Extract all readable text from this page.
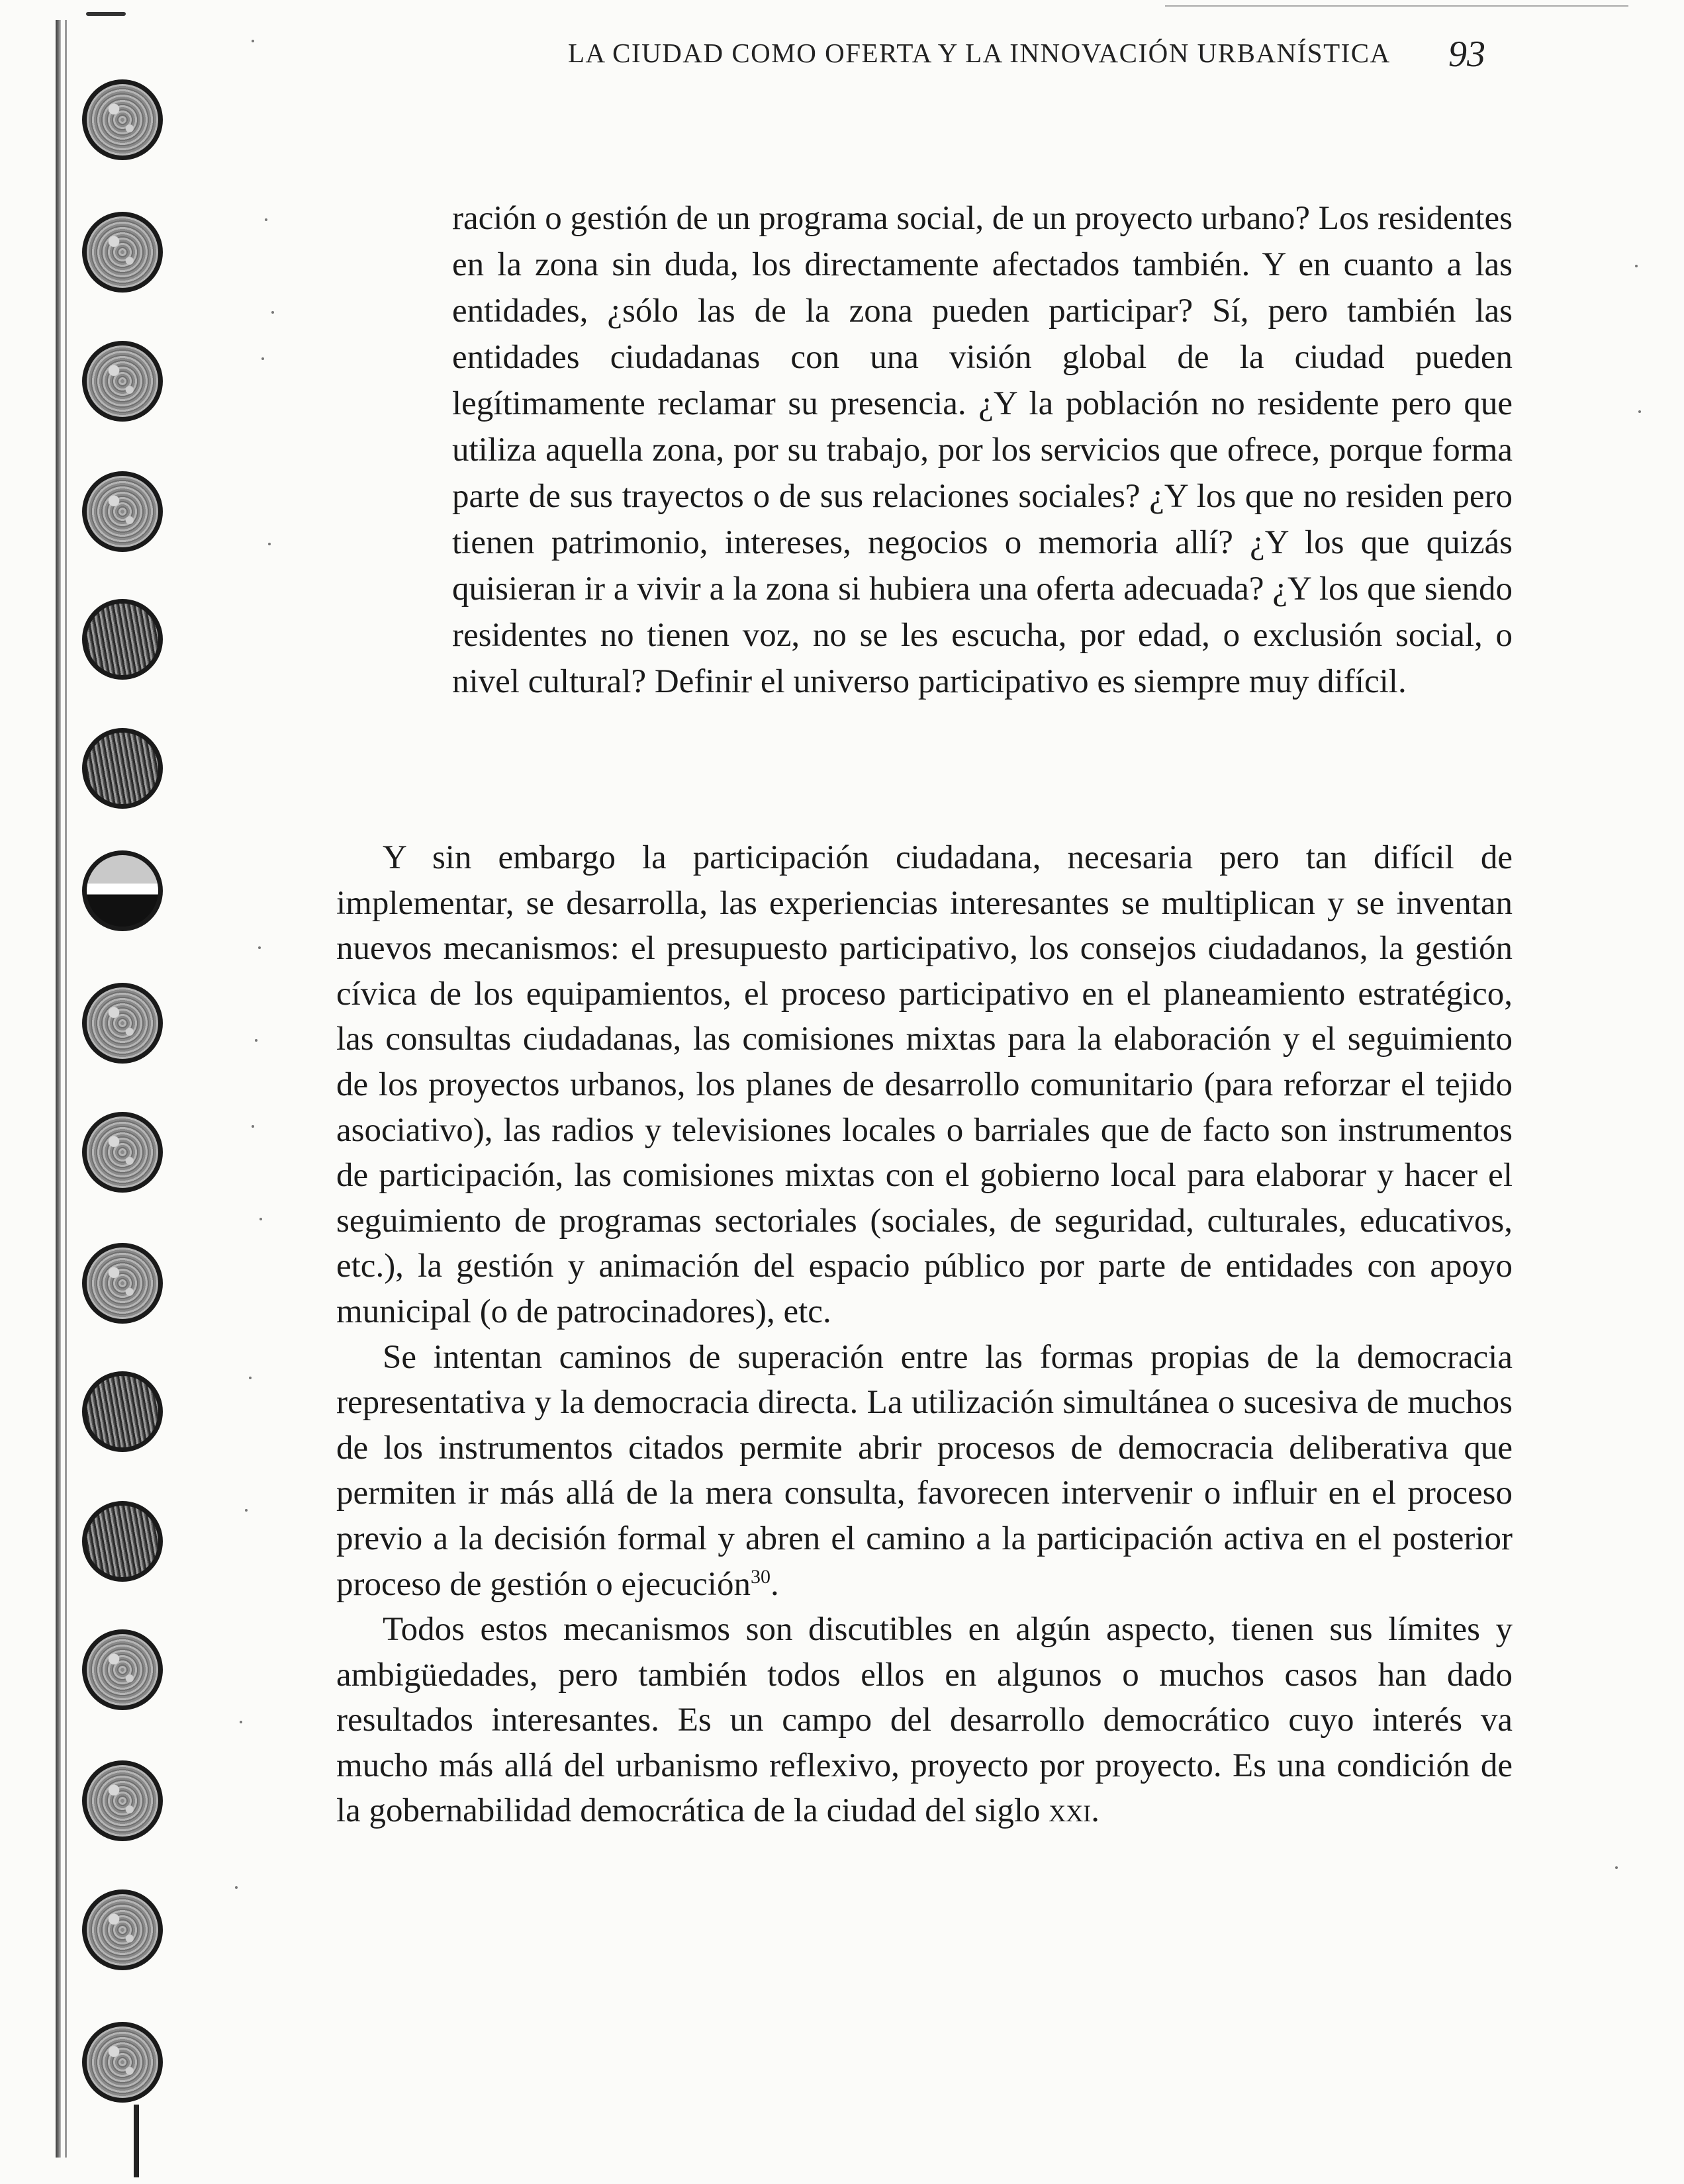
LA CIUDAD COMO OFERTA Y LA INNOVACIÓN URBANÍSTICA 93

ración o gestión de un programa social, de un proyecto urbano? Los residentes en la zona sin duda, los directamente afectados también. Y en cuanto a las entidades, ¿sólo las de la zona pueden participar? Sí, pero también las entidades ciudadanas con una visión global de la ciudad pueden legítimamente reclamar su presencia. ¿Y la población no residente pero que utiliza aquella zona, por su trabajo, por los servicios que ofrece, porque forma parte de sus trayectos o de sus relaciones sociales? ¿Y los que no residen pero tienen patrimonio, intereses, negocios o memoria allí? ¿Y los que quizás quisieran ir a vivir a la zona si hubiera una oferta adecuada? ¿Y los que siendo residentes no tienen voz, no se les escucha, por edad, o exclusión social, o nivel cultural? Definir el universo participativo es siempre muy difícil.

Y sin embargo la participación ciudadana, necesaria pero tan difícil de implementar, se desarrolla, las experiencias interesantes se multiplican y se inventan nuevos mecanismos: el presupuesto participativo, los consejos ciudadanos, la gestión cívica de los equipamientos, el proceso participativo en el planeamiento estratégico, las consultas ciudadanas, las comisiones mixtas para la elaboración y el seguimiento de los proyectos urbanos, los planes de desarrollo comunitario (para reforzar el tejido asociativo), las radios y televisiones locales o barriales que de facto son instrumentos de participación, las comisiones mixtas con el gobierno local para elaborar y hacer el seguimiento de programas sectoriales (sociales, de seguridad, culturales, educativos, etc.), la gestión y animación del espacio público por parte de entidades con apoyo municipal (o de patrocinadores), etc.

Se intentan caminos de superación entre las formas propias de la democracia representativa y la democracia directa. La utilización simultánea o sucesiva de muchos de los instrumentos citados permite abrir procesos de democracia deliberativa que permiten ir más allá de la mera consulta, favorecen intervenir o influir en el proceso previo a la decisión formal y abren el camino a la participación activa en el posterior proceso de gestión o ejecución$^{30}$.

Todos estos mecanismos son discutibles en algún aspecto, tienen sus límites y ambigüedades, pero también todos ellos en algunos o muchos casos han dado resultados interesantes. Es un campo del desarrollo democrático cuyo interés va mucho más allá del urbanismo reflexivo, proyecto por proyecto. Es una condición de la gobernabilidad democrática de la ciudad del siglo xxi.
